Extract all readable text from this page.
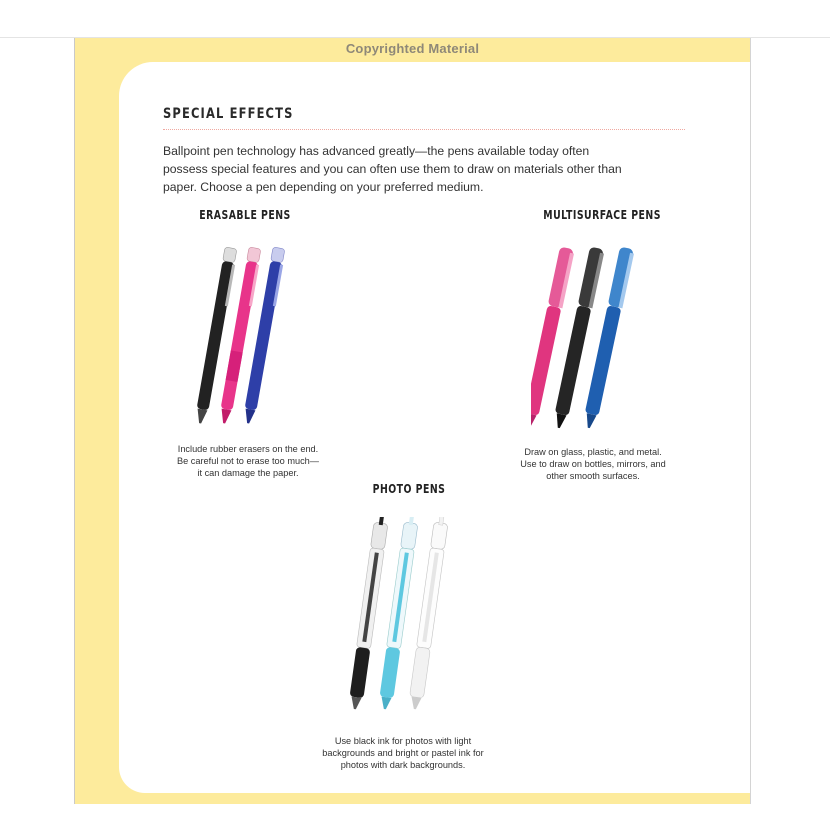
Copyrighted Material
SPECIAL EFFECTS
Ballpoint pen technology has advanced greatly—the pens available today often possess special features and you can often use them to draw on materials other than paper. Choose a pen depending on your preferred medium.
ERASABLE PENS
Include rubber erasers on the end.
Be careful not to erase too much—
it can damage the paper.
MULTISURFACE PENS
Draw on glass, plastic, and metal.
Use to draw on bottles, mirrors, and
other smooth surfaces.
PHOTO PENS
Use black ink for photos with light
backgrounds and bright or pastel ink for
photos with dark backgrounds.
